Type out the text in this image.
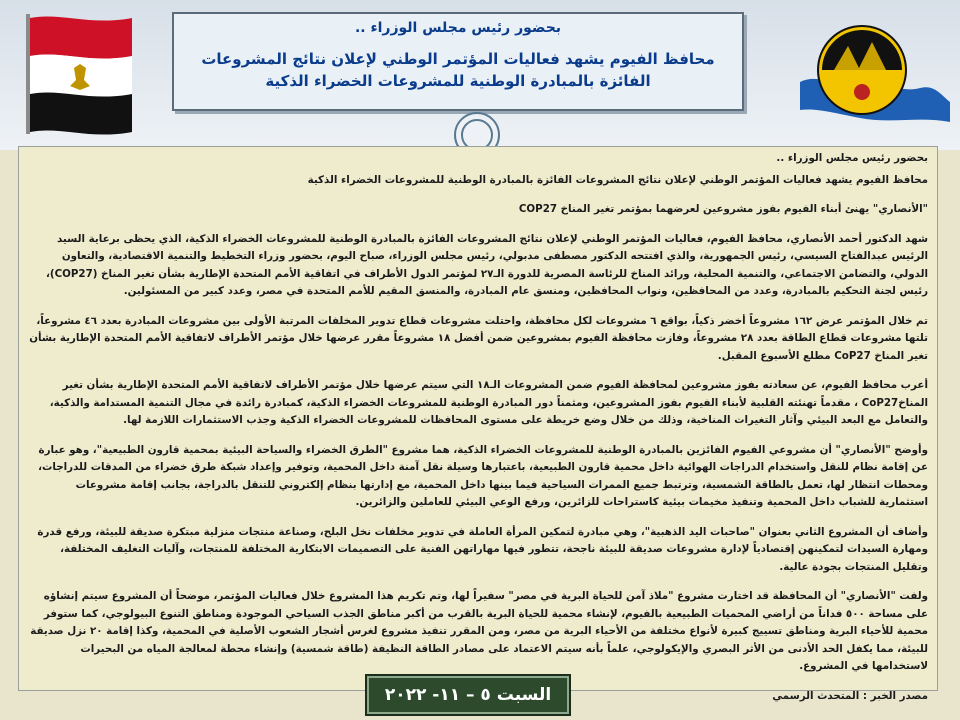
بحضور رئيس مجلس الوزراء ..
محافظ الفيوم يشهد فعاليات المؤتمر الوطني لإعلان نتائج المشروعات الفائزة بالمبادرة الوطنية للمشروعات الخضراء الذكية

بحضور رئيس مجلس الوزراء ..

محافظ الفيوم يشهد فعاليات المؤتمر الوطني لإعلان نتائج المشروعات الفائزة بالمبادرة الوطنية للمشروعات الخضراء الذكية

"الأنصاري" يهنئ أبناء الفيوم بفوز مشروعين لعرضهما بمؤتمر تغير المناخ COP27

شهد الدكتور أحمد الأنصاري، محافظ الفيوم، فعاليات المؤتمر الوطني لإعلان نتائج المشروعات الفائزة بالمبادرة الوطنية للمشروعات الخضراء الذكية، الذي يحظى برعاية السيد الرئيس عبدالفتاح السيسي، رئيس الجمهورية، والذي افتتحه الدكتور مصطفى مدبولي، رئيس مجلس الوزراء، صباح اليوم، بحضور وزراء التخطيط والتنمية الاقتصادية، والتعاون الدولي، والتضامن الاجتماعي، والتنمية المحلية، ورائد المناخ للرئاسة المصرية للدورة الـ٢٧ لمؤتمر الدول الأطراف في اتفاقية الأمم المتحدة الإطارية بشأن تغير المناخ (COP27)، رئيس لجنة التحكيم بالمبادرة، وعدد من المحافظين، ونواب المحافظين، ومنسق عام المبادرة، والمنسق المقيم للأمم المتحدة في مصر، وعدد كبير من المسئولين.

تم خلال المؤتمر عرض ١٦٢ مشروعاً أخضر ذكياً، بواقع ٦ مشروعات لكل محافظة، واحتلت مشروعات قطاع تدوير المخلفات المرتبة الأولى بين مشروعات المبادرة بعدد ٤٦ مشروعاً، تلتها مشروعات قطاع الطاقة بعدد ٢٨ مشروعاً، وفازت محافظة الفيوم بمشروعين ضمن أفضل ١٨ مشروعاً مقرر عرضها خلال مؤتمر الأطراف لاتفاقية الأمم المتحدة الإطارية بشأن تغير المناخ CoP27 مطلع الأسبوع المقبل.

أعرب محافظ الفيوم، عن سعادته بفوز مشروعين لمحافظة الفيوم ضمن المشروعات الـ١٨ التي سيتم عرضها خلال مؤتمر الأطراف لاتفاقية الأمم المتحدة الإطارية بشأن تغير المناخCoP27 ، مقدماً تهنئته القلبية لأبناء الفيوم بفوز المشروعين، ومثمناً دور المبادرة الوطنية للمشروعات الخضراء الذكية، كمبادرة رائدة في مجال التنمية المستدامة والذكية، والتعامل مع البعد البيئي وآثار التغيرات المناخية، وذلك من خلال وضع خريطة على مستوى المحافظات للمشروعات الخضراء الذكية وجذب الاستثمارات اللازمة لها.

وأوضح "الأنصاري" أن مشروعي الفيوم الفائزين بالمبادرة الوطنية للمشروعات الخضراء الذكية، هما مشروع "الطرق الخضراء والسياحة البيئية بمحمية قارون الطبيعية"، وهو عبارة عن إقامة نظام للنقل واستخدام الدراجات الهوائية داخل محمية قارون الطبيعية، باعتبارها وسيلة نقل آمنة داخل المحمية، وتوفير وإعداد شبكة طرق خضراء من المدقات للدراجات، ومحطات انتظار لها، تعمل بالطاقة الشمسية، وترتبط جميع الممرات السياحية فيما بينها داخل المحمية، مع إدارتها بنظام إلكتروني للتنقل بالدراجة، بجانب إقامة مشروعات استثمارية للشباب داخل المحمية وتنفيذ مخيمات بيئية كاستراحات للزائرين، ورفع الوعي البيئي للعاملين والزائرين.

وأضاف أن المشروع الثاني بعنوان "صاحبات اليد الذهبية"، وهي مبادرة لتمكين المرأة العاملة في تدوير مخلفات نخل البلح، وصناعة منتجات منزلية مبتكرة صديقة للبيئة، ورفع قدرة ومهارة السيدات لتمكينهن إقتصادياً لإدارة مشروعات صديقة للبيئة ناجحة، تتطور فيها مهاراتهن الفنية على التصميمات الابتكارية المختلفة للمنتجات، وآليات التغليف المختلفة، وتقليل المنتجات بجودة عالية.

ولفت "الأنصاري" أن المحافظة قد اختارت مشروع "ملاذ آمن للحياة البرية في مصر" سفيراً لها، وتم تكريم هذا المشروع خلال فعاليات المؤتمر، موضحاً أن المشروع سيتم إنشاؤه على مساحة ٥٠٠ فداناً من أراضي المحميات الطبيعية بالفيوم، لإنشاء محمية للحياة البرية بالقرب من أكبر مناطق الجذب السياحي الموجودة ومناطق التنوع البيولوجي، كما ستوفر محمية للأحياء البرية ومناطق تسييج كبيرة لأنواع مختلفة من الأحياء البرية من مصر، ومن المقرر تنفيذ مشروع لغرس أشجار الشعوب الأصلية في المحمية، وكذا إقامة ٢٠ نزل صديقة للبيئة، مما يكفل الحد الأدنى من الأثر البصري والإيكولوجي، علماً بأنه سيتم الاعتماد على مصادر الطاقة النظيفة (طاقة شمسية) وإنشاء محطة لمعالجة المياه من البحيرات لاستخدامها في المشروع.

مصدر الخبر : المتحدث الرسمي

السبت ٥ – ١١- ٢٠٢٢
